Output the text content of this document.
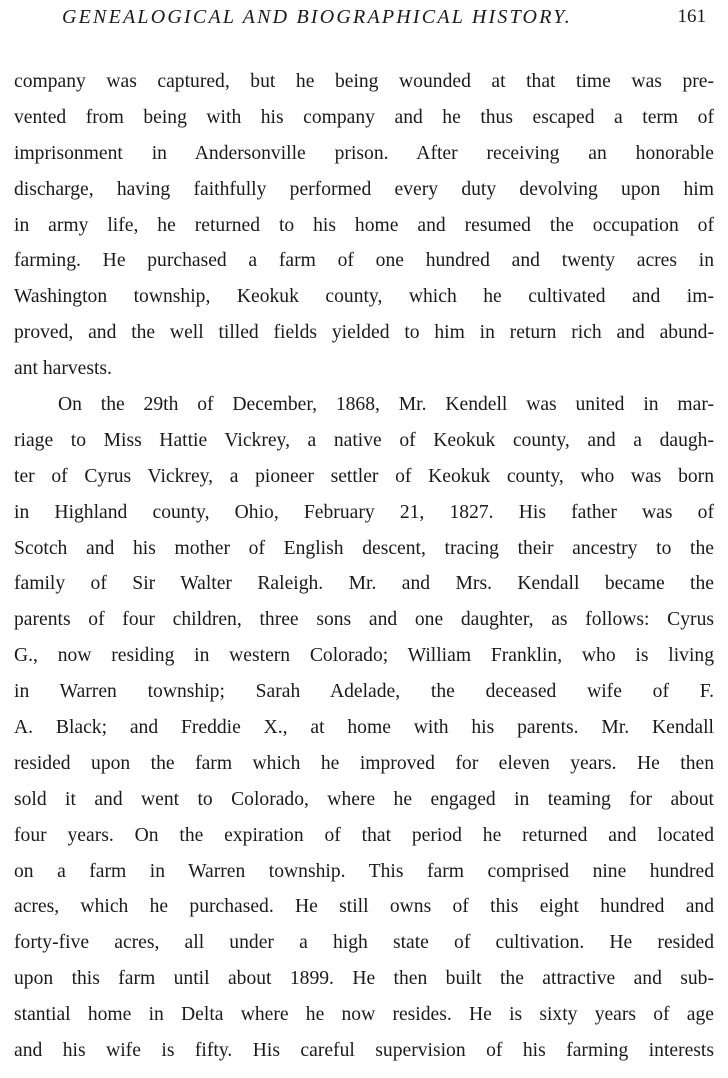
GENEALOGICAL AND BIOGRAPHICAL HISTORY.	161
company was captured, but he being wounded at that time was pre-
vented from being with his company and he thus escaped a term of
imprisonment in Andersonville prison. After receiving an honorable
discharge, having faithfully performed every duty devolving upon him
in army life, he returned to his home and resumed the occupation of
farming. He purchased a farm of one hundred and twenty acres in
Washington township, Keokuk county, which he cultivated and im-
proved, and the well tilled fields yielded to him in return rich and abund-
ant harvests.
On the 29th of December, 1868, Mr. Kendell was united in mar-
riage to Miss Hattie Vickrey, a native of Keokuk county, and a daugh-
ter of Cyrus Vickrey, a pioneer settler of Keokuk county, who was born
in Highland county, Ohio, February 21, 1827. His father was of
Scotch and his mother of English descent, tracing their ancestry to the
family of Sir Walter Raleigh. Mr. and Mrs. Kendall became the
parents of four children, three sons and one daughter, as follows: Cyrus
G., now residing in western Colorado; William Franklin, who is living
in Warren township; Sarah Adelade, the deceased wife of F.
A. Black; and Freddie X., at home with his parents. Mr. Kendall
resided upon the farm which he improved for eleven years. He then
sold it and went to Colorado, where he engaged in teaming for about
four years. On the expiration of that period he returned and located
on a farm in Warren township. This farm comprised nine hundred
acres, which he purchased. He still owns of this eight hundred and
forty-five acres, all under a high state of cultivation. He resided
upon this farm until about 1899. He then built the attractive and sub-
stantial home in Delta where he now resides. He is sixty years of age
and his wife is fifty. His careful supervision of his farming interests
